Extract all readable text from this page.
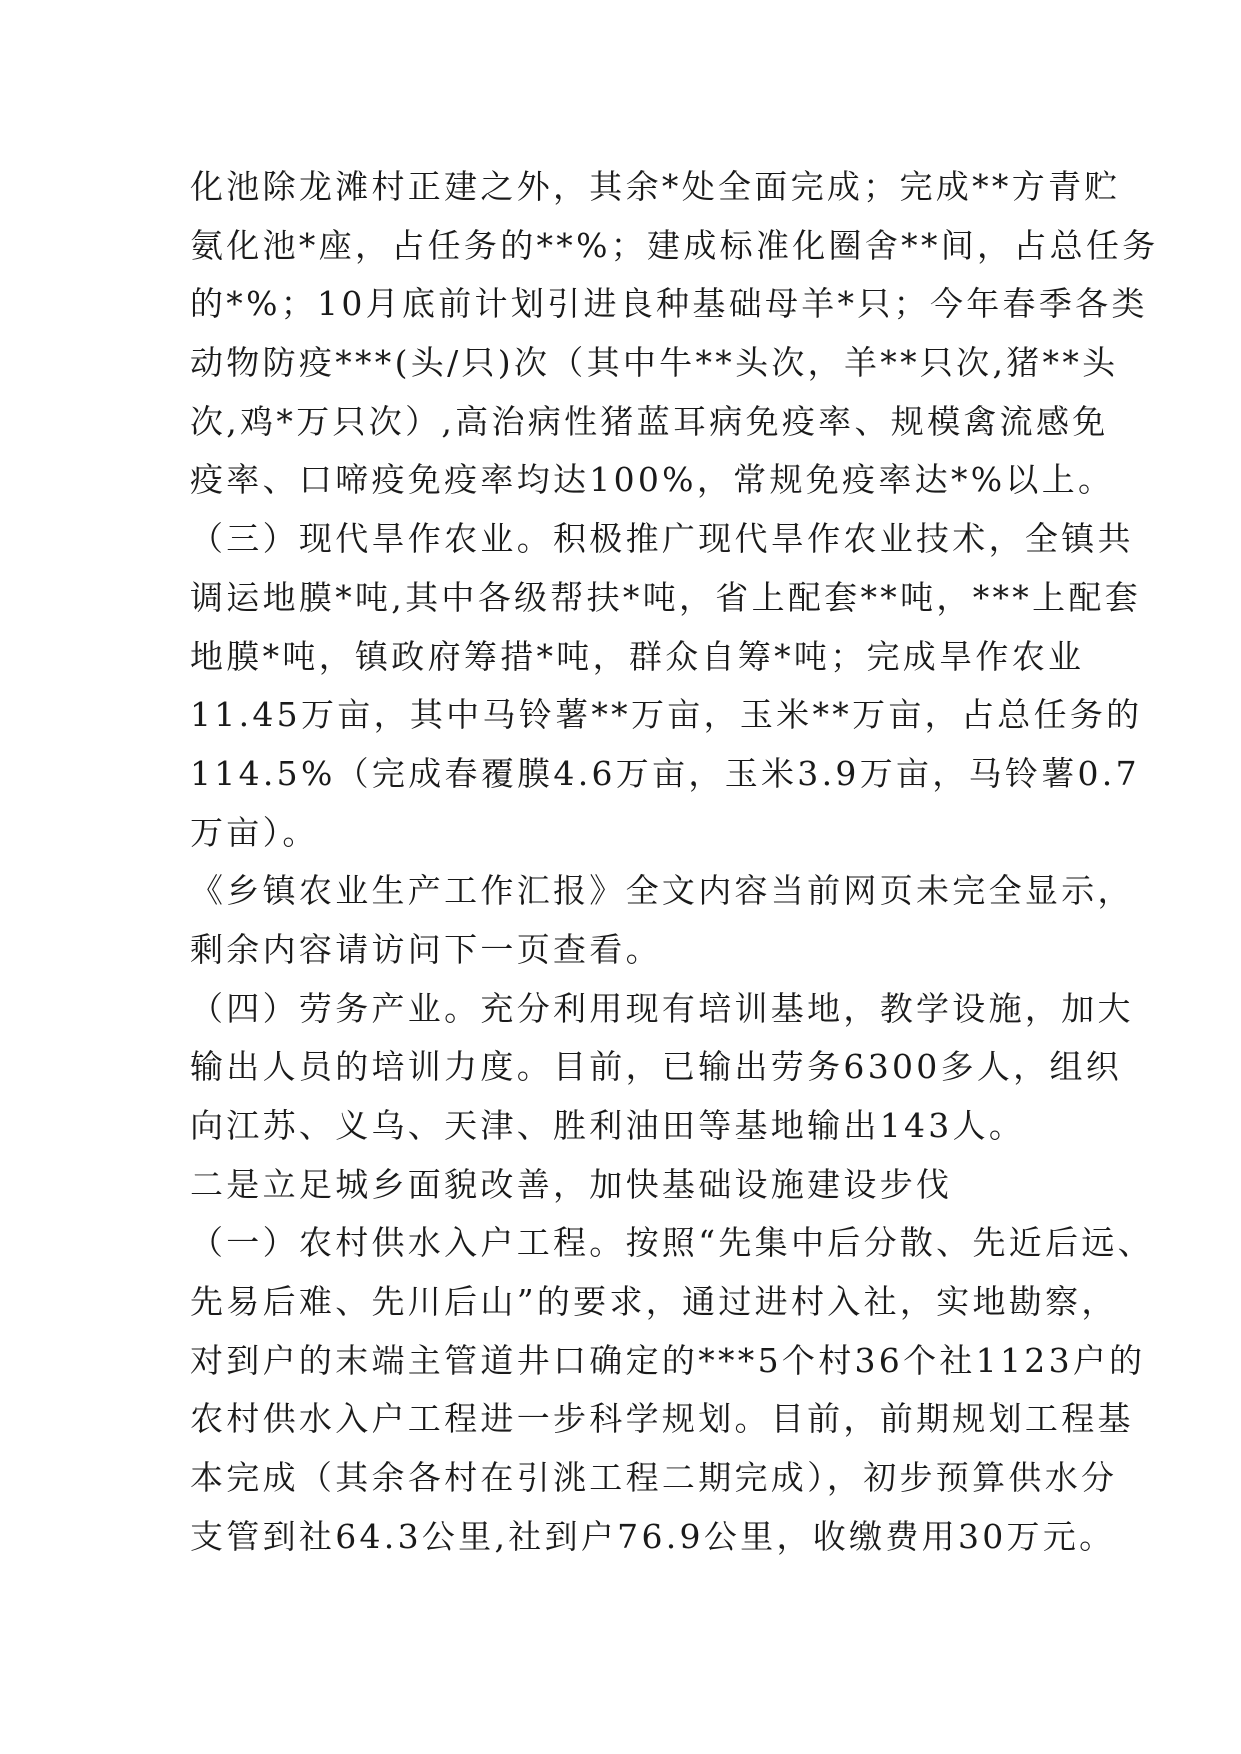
化池除龙滩村正建之外，其余*处全面完成；完成**方青贮
氨化池*座，占任务的**%；建成标准化圈舍**间，占总任务
的*%；10月底前计划引进良种基础母羊*只；今年春季各类
动物防疫***(头/只)次（其中牛**头次，羊**只次,猪**头
次,鸡*万只次）,高治病性猪蓝耳病免疫率、规模禽流感免
疫率、口啼疫免疫率均达100%，常规免疫率达*%以上。
（三）现代旱作农业。积极推广现代旱作农业技术，全镇共
调运地膜*吨,其中各级帮扶*吨，省上配套**吨，***上配套
地膜*吨，镇政府筹措*吨，群众自筹*吨；完成旱作农业
11.45万亩，其中马铃薯**万亩，玉米**万亩，占总任务的
114.5%（完成春覆膜4.6万亩，玉米3.9万亩，马铃薯0.7
万亩）。
《乡镇农业生产工作汇报》全文内容当前网页未完全显示，
剩余内容请访问下一页查看。
（四）劳务产业。充分利用现有培训基地，教学设施，加大
输出人员的培训力度。目前，已输出劳务6300多人，组织
向江苏、义乌、天津、胜利油田等基地输出143人。
二是立足城乡面貌改善，加快基础设施建设步伐
（一）农村供水入户工程。按照“先集中后分散、先近后远、
先易后难、先川后山”的要求，通过进村入社，实地勘察，
对到户的末端主管道井口确定的***5个村36个社1123户的
农村供水入户工程进一步科学规划。目前，前期规划工程基
本完成（其余各村在引洮工程二期完成），初步预算供水分
支管到社64.3公里,社到户76.9公里，收缴费用30万元。
